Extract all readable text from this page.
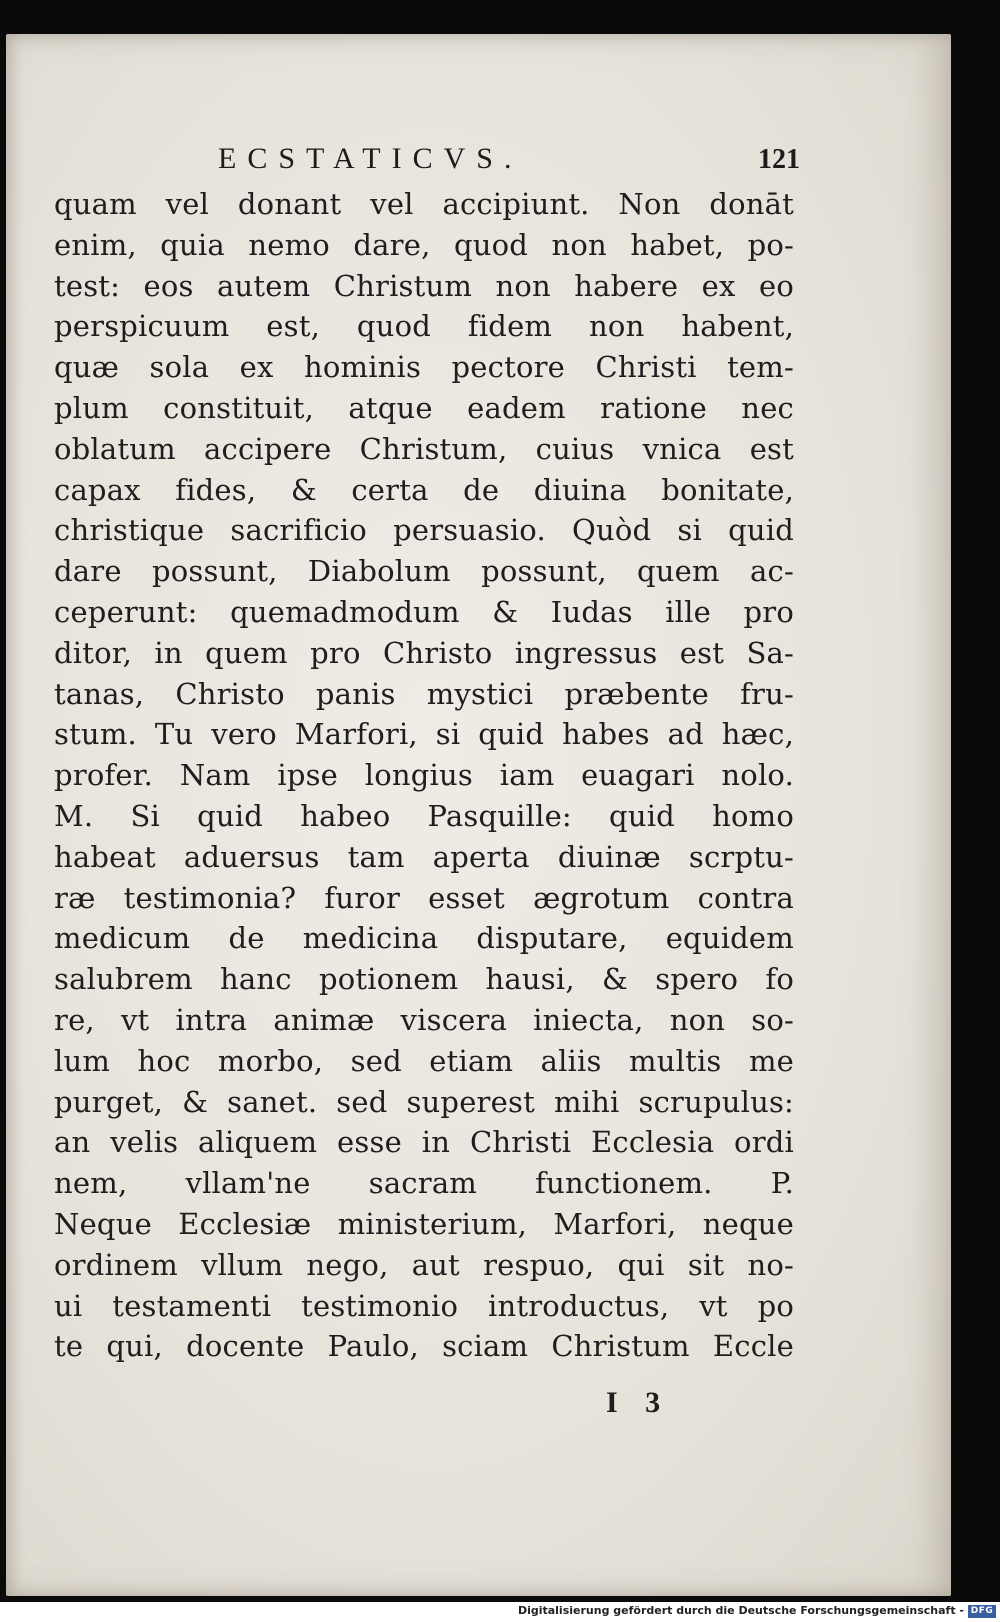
ECSTATICVS.	121
quam vel donant vel accipiunt. Non donāt
enim, quia nemo dare, quod non habet, po-
test: eos autem Christum non habere ex eo
perspicuum est, quod fidem non habent,
quæ sola ex hominis pectore Christi tem-
plum constituit, atque eadem ratione nec
oblatum accipere Christum, cuius vnica est
capax fides, & certa de diuina bonitate,
christique sacrificio persuasio. Quòd si quid
dare possunt, Diabolum possunt, quem ac-
ceperunt: quemadmodum & Iudas ille pro
ditor, in quem pro Christo ingressus est Sa-
tanas, Christo panis mystici præbente fru-
stum. Tu vero Marfori, si quid habes ad hæc,
profer. Nam ipse longius iam euagari nolo.
M. Si quid habeo Pasquille: quid homo
habeat aduersus tam aperta diuinæ scrptu-
ræ testimonia? furor esset ægrotum contra
medicum de medicina disputare, equidem
salubrem hanc potionem hausi, & spero fo
re, vt intra animæ viscera iniecta, non so-
lum hoc morbo, sed etiam aliis multis me
purget, & sanet. sed superest mihi scrupulus:
an velis aliquem esse in Christi Ecclesia ordi
nem, vllam'ne sacram functionem. P.
Neque Ecclesiæ ministerium, Marfori, neque
ordinem vllum nego, aut respuo, qui sit no-
ui testamenti testimonio introductus, vt po
te qui, docente Paulo, sciam Christum Eccle
I 3
Digitalisierung gefördert durch die Deutsche Forschungsgemeinschaft - DFG
